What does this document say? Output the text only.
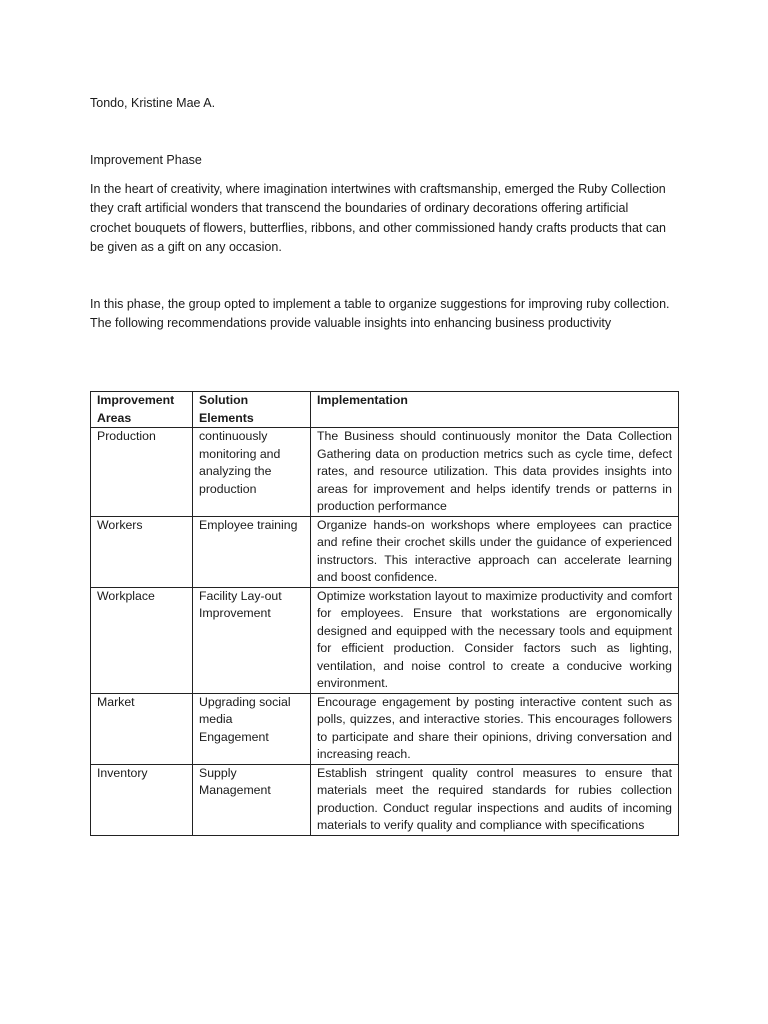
Tondo, Kristine Mae A.
Improvement Phase
In the heart of creativity, where imagination intertwines with craftsmanship, emerged the Ruby Collection they craft artificial wonders that transcend the boundaries of ordinary decorations offering artificial crochet bouquets of flowers, butterflies, ribbons, and other commissioned handy crafts products that can be given as a gift on any occasion.
In this phase, the group opted to implement a table to organize suggestions for improving ruby collection. The following recommendations provide valuable insights into enhancing business productivity
Improvement Areas	Solution Elements	Implementation
Production	continuously monitoring and analyzing the production	The Business should continuously monitor the Data Collection Gathering data on production metrics such as cycle time, defect rates, and resource utilization. This data provides insights into areas for improvement and helps identify trends or patterns in production performance
Workers	Employee training	Organize hands-on workshops where employees can practice and refine their crochet skills under the guidance of experienced instructors. This interactive approach can accelerate learning and boost confidence.
Workplace	Facility Lay-out Improvement	Optimize workstation layout to maximize productivity and comfort for employees. Ensure that workstations are ergonomically designed and equipped with the necessary tools and equipment for efficient production. Consider factors such as lighting, ventilation, and noise control to create a conducive working environment.
Market	Upgrading social media Engagement	Encourage engagement by posting interactive content such as polls, quizzes, and interactive stories. This encourages followers to participate and share their opinions, driving conversation and increasing reach.
Inventory	Supply Management	Establish stringent quality control measures to ensure that materials meet the required standards for rubies collection production. Conduct regular inspections and audits of incoming materials to verify quality and compliance with specifications
